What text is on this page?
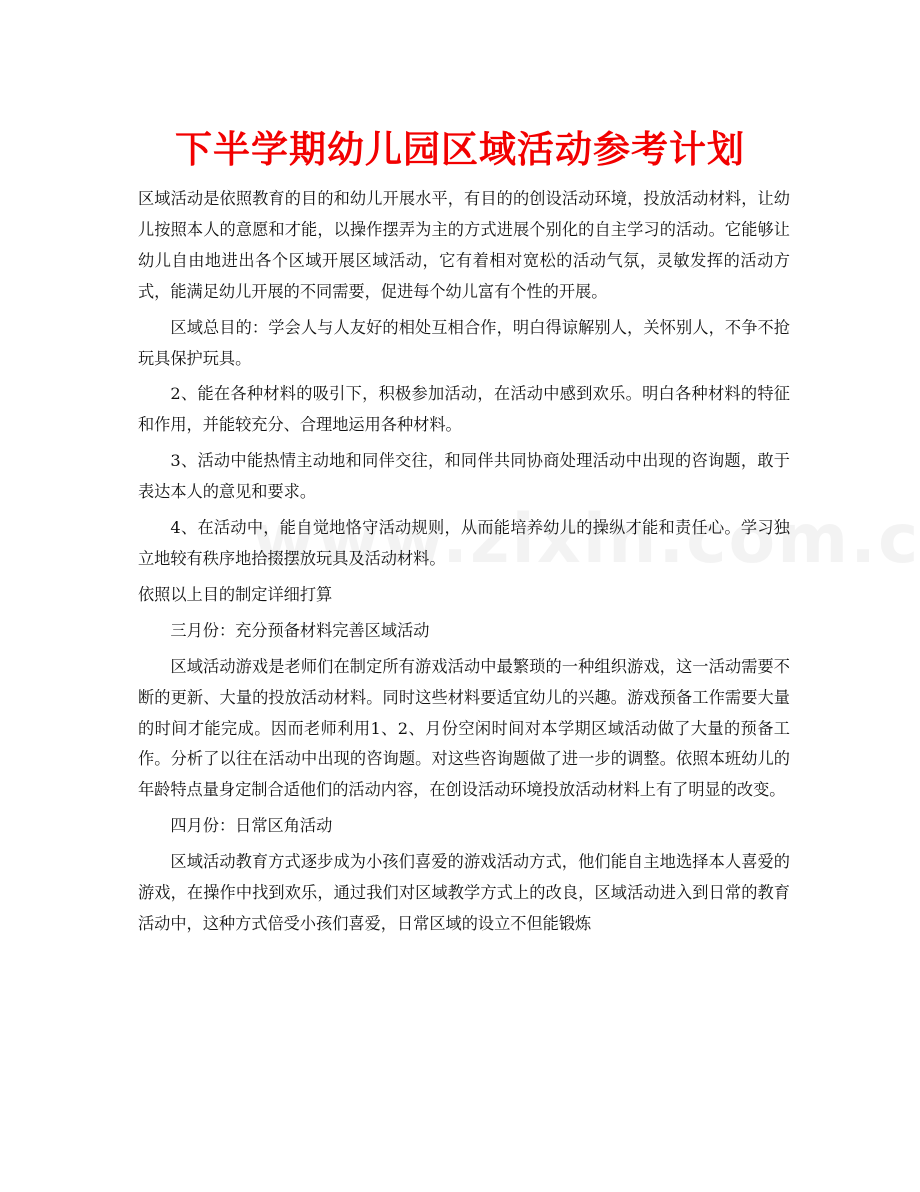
下半学期幼儿园区域活动参考计划

区域活动是依照教育的目的和幼儿开展水平，有目的的创设活动环境，投放活动材料，让幼儿按照本人的意愿和才能，以操作摆弄为主的方式进展个别化的自主学习的活动。它能够让幼儿自由地进出各个区域开展区域活动，它有着相对宽松的活动气氛，灵敏发挥的活动方式，能满足幼儿开展的不同需要，促进每个幼儿富有个性的开展。

区域总目的：学会人与人友好的相处互相合作，明白得谅解别人，关怀别人，不争不抢玩具保护玩具。

2、能在各种材料的吸引下，积极参加活动，在活动中感到欢乐。明白各种材料的特征和作用，并能较充分、合理地运用各种材料。

3、活动中能热情主动地和同伴交往，和同伴共同协商处理活动中出现的咨询题，敢于表达本人的意见和要求。

4、在活动中，能自觉地恪守活动规则，从而能培养幼儿的操纵才能和责任心。学习独立地较有秩序地拾掇摆放玩具及活动材料。

依照以上目的制定详细打算

三月份：充分预备材料完善区域活动

区域活动游戏是老师们在制定所有游戏活动中最繁琐的一种组织游戏，这一活动需要不断的更新、大量的投放活动材料。同时这些材料要适宜幼儿的兴趣。游戏预备工作需要大量的时间才能完成。因而老师利用1、2、月份空闲时间对本学期区域活动做了大量的预备工作。分析了以往在活动中出现的咨询题。对这些咨询题做了进一步的调整。依照本班幼儿的年龄特点量身定制合适他们的活动内容，在创设活动环境投放活动材料上有了明显的改变。

四月份：日常区角活动

区域活动教育方式逐步成为小孩们喜爱的游戏活动方式，他们能自主地选择本人喜爱的游戏，在操作中找到欢乐，通过我们对区域教学方式上的改良，区域活动进入到日常的教育活动中，这种方式倍受小孩们喜爱，日常区域的设立不但能锻炼
